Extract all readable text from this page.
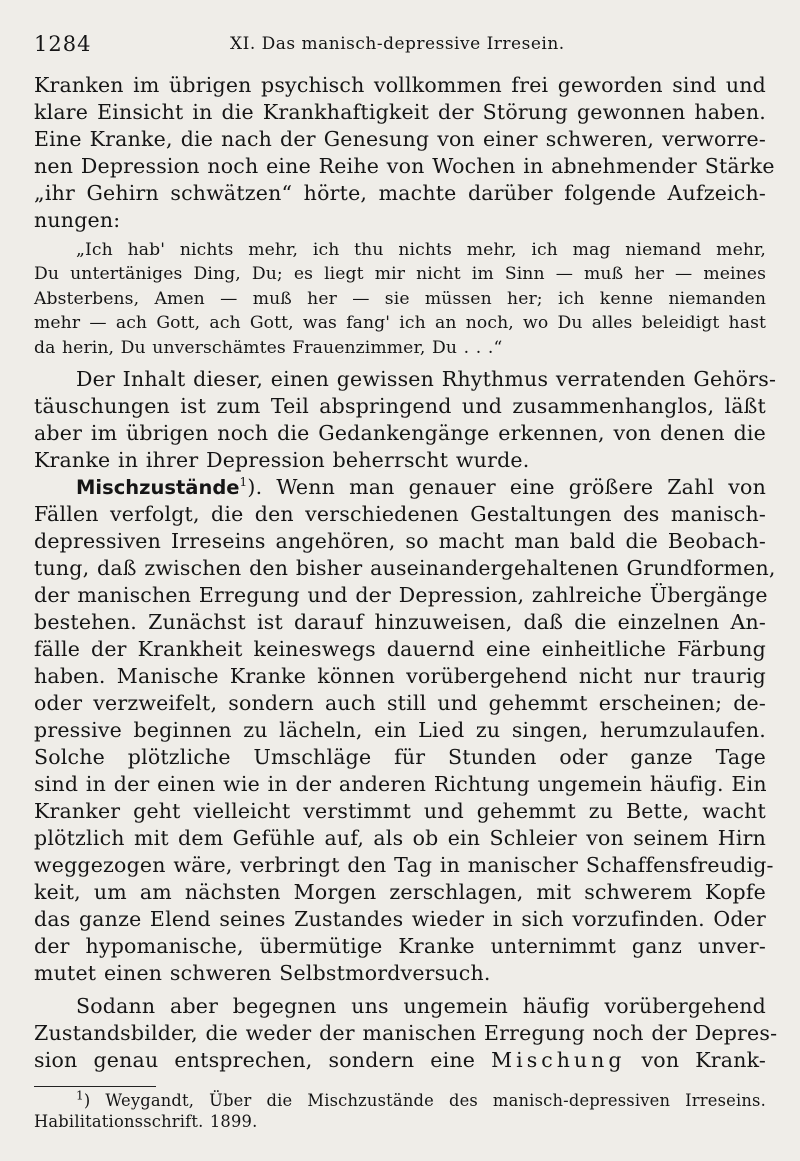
1284	XI. Das manisch-depressive Irresein.
Kranken im übrigen psychisch vollkommen frei geworden sind und
klare Einsicht in die Krankhaftigkeit der Störung gewonnen haben.
Eine Kranke, die nach der Genesung von einer schweren, verworre-
nen Depression noch eine Reihe von Wochen in abnehmender Stärke
„ihr Gehirn schwätzen“ hörte, machte darüber folgende Aufzeich-
nungen:
„Ich hab' nichts mehr, ich thu nichts mehr, ich mag niemand mehr,
Du untertäniges Ding, Du; es liegt mir nicht im Sinn — muß her — meines
Absterbens, Amen — muß her — sie müssen her; ich kenne niemanden
mehr — ach Gott, ach Gott, was fang' ich an noch, wo Du alles beleidigt hast
da herin, Du unverschämtes Frauenzimmer, Du . . .“
Der Inhalt dieser, einen gewissen Rhythmus verratenden Gehörs-
täuschungen ist zum Teil abspringend und zusammenhanglos, läßt
aber im übrigen noch die Gedankengänge erkennen, von denen die
Kranke in ihrer Depression beherrscht wurde.
Mischzustände$^1$). Wenn man genauer eine größere Zahl von
Fällen verfolgt, die den verschiedenen Gestaltungen des manisch-
depressiven Irreseins angehören, so macht man bald die Beobach-
tung, daß zwischen den bisher auseinandergehaltenen Grundformen,
der manischen Erregung und der Depression, zahlreiche Übergänge
bestehen. Zunächst ist darauf hinzuweisen, daß die einzelnen An-
fälle der Krankheit keineswegs dauernd eine einheitliche Färbung
haben. Manische Kranke können vorübergehend nicht nur traurig
oder verzweifelt, sondern auch still und gehemmt erscheinen; de-
pressive beginnen zu lächeln, ein Lied zu singen, herumzulaufen.
Solche plötzliche Umschläge für Stunden oder ganze Tage
sind in der einen wie in der anderen Richtung ungemein häufig. Ein
Kranker geht vielleicht verstimmt und gehemmt zu Bette, wacht
plötzlich mit dem Gefühle auf, als ob ein Schleier von seinem Hirn
weggezogen wäre, verbringt den Tag in manischer Schaffensfreudig-
keit, um am nächsten Morgen zerschlagen, mit schwerem Kopfe
das ganze Elend seines Zustandes wieder in sich vorzufinden. Oder
der hypomanische, übermütige Kranke unternimmt ganz unver-
mutet einen schweren Selbstmordversuch.
Sodann aber begegnen uns ungemein häufig vorübergehend
Zustandsbilder, die weder der manischen Erregung noch der Depres-
sion genau entsprechen, sondern eine Mischung von Krank-
$^1$) Weygandt, Über die Mischzustände des manisch-depressiven Irreseins.
Habilitationsschrift. 1899.
